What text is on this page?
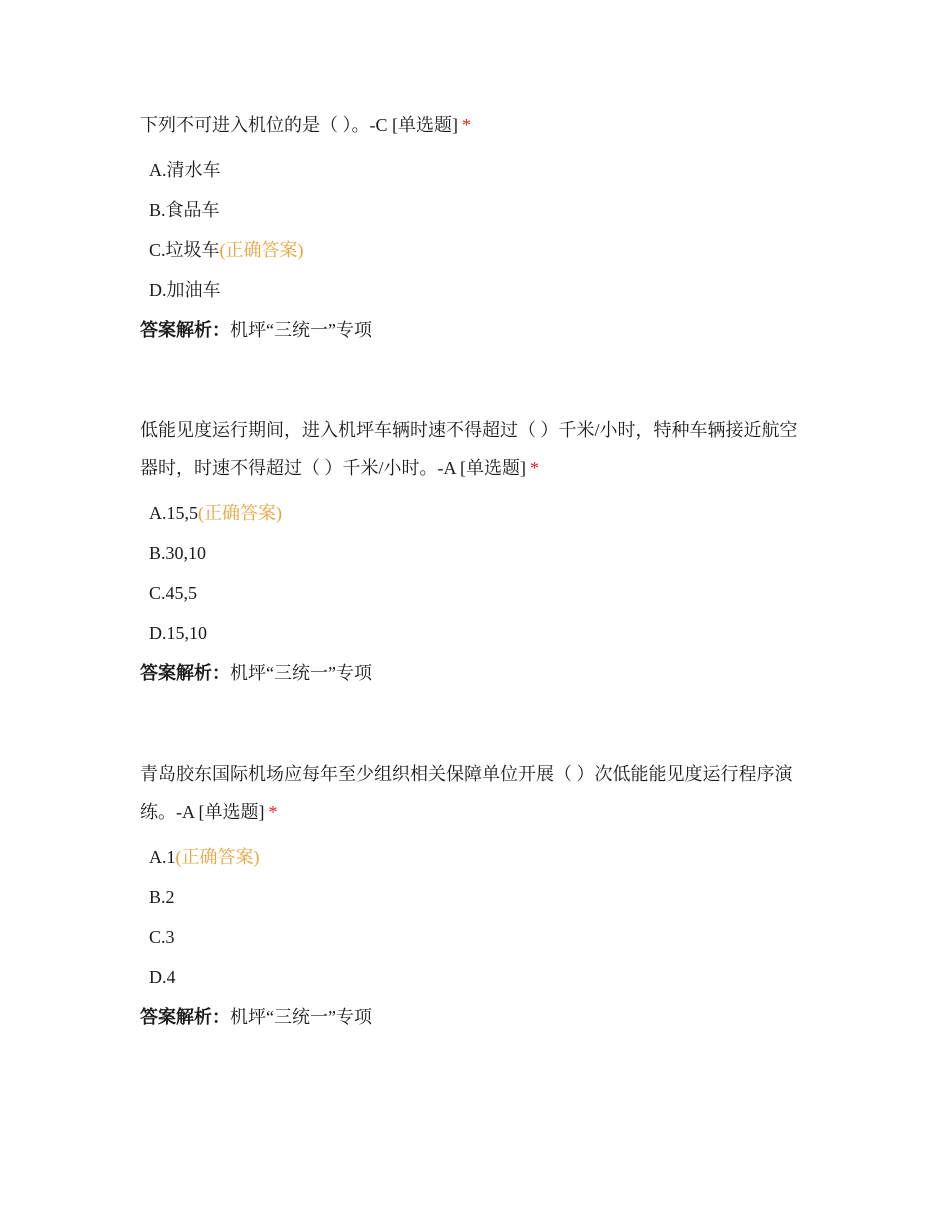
下列不可进入机位的是（ ）。-C [单选题] *

A.清水车
B.食品车
C.垃圾车(正确答案)
D.加油车
答案解析：机坪“三统一”专项

低能见度运行期间，进入机坪车辆时速不得超过（ ）千米/小时，特种车辆接近航空器时，时速不得超过（ ）千米/小时。-A [单选题] *

A.15,5(正确答案)
B.30,10
C.45,5
D.15,10
答案解析：机坪“三统一”专项

青岛胶东国际机场应每年至少组织相关保障单位开展（ ）次低能能见度运行程序演练。-A [单选题] *

A.1(正确答案)
B.2
C.3
D.4
答案解析：机坪“三统一”专项
